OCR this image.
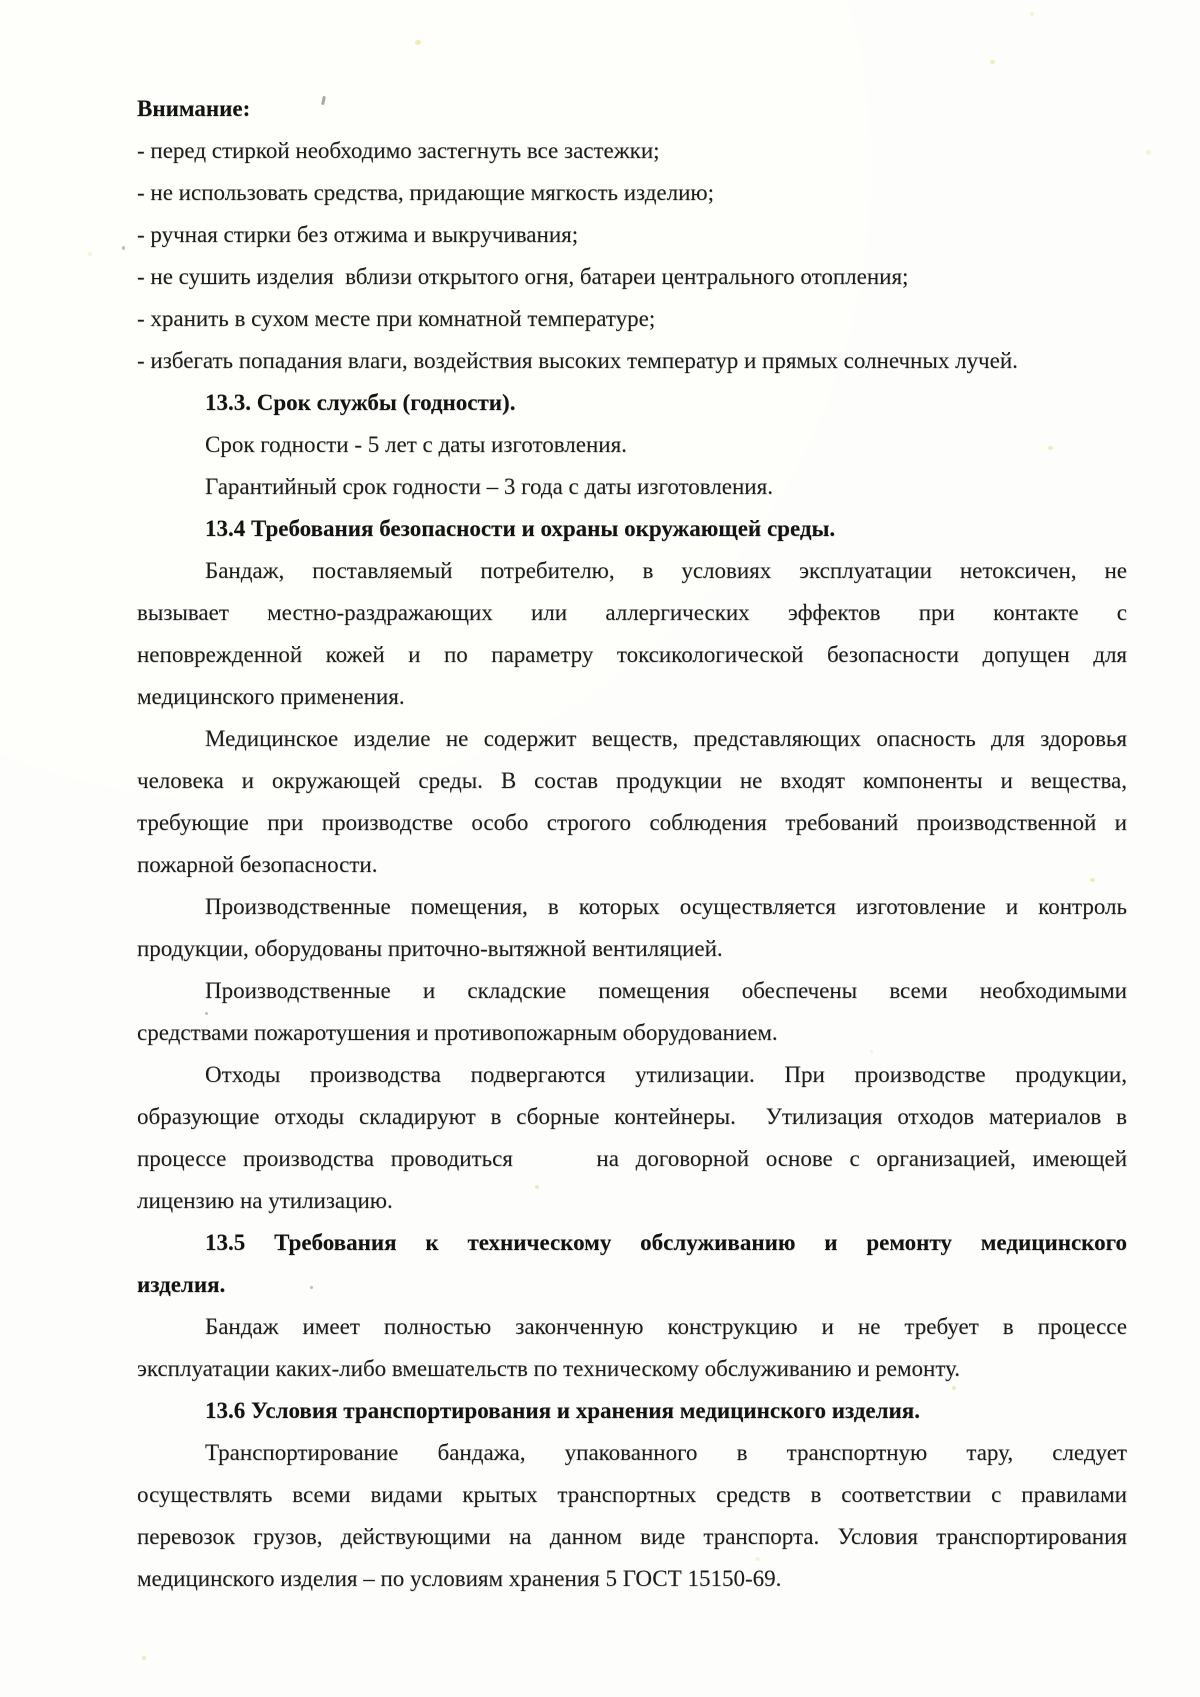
Внимание:
- перед стиркой необходимо застегнуть все застежки;
- не использовать средства, придающие мягкость изделию;
- ручная стирки без отжима и выкручивания;
- не сушить изделия  вблизи открытого огня, батареи центрального отопления;
- хранить в сухом месте при комнатной температуре;
- избегать попадания влаги, воздействия высоких температур и прямых солнечных лучей.
13.3. Срок службы (годности).
Срок годности - 5 лет с даты изготовления.
Гарантийный срок годности – 3 года с даты изготовления.
13.4 Требования безопасности и охраны окружающей среды.
Бандаж, поставляемый потребителю, в условиях эксплуатации нетоксичен, не
вызывает местно-раздражающих или аллергических эффектов при контакте с
неповрежденной кожей и по параметру токсикологической безопасности допущен для
медицинского применения.
Медицинское изделие не содержит веществ, представляющих опасность для здоровья
человека и окружающей среды. В состав продукции не входят компоненты и вещества,
требующие при производстве особо строгого соблюдения требований производственной и
пожарной безопасности.
Производственные помещения, в которых осуществляется изготовление и контроль
продукции, оборудованы приточно-вытяжной вентиляцией.
Производственные и складские помещения обеспечены всеми необходимыми
средствами пожаротушения и противопожарным оборудованием.
Отходы производства подвергаются утилизации. При производстве продукции,
образующие отходы складируют в сборные контейнеры.  Утилизация отходов материалов в
процессе производства проводиться     на договорной основе с организацией, имеющей
лицензию на утилизацию.
13.5 Требования к техническому обслуживанию и ремонту медицинского
изделия.
Бандаж имеет полностью законченную конструкцию и не требует в процессе
эксплуатации каких-либо вмешательств по техническому обслуживанию и ремонту.
13.6 Условия транспортирования и хранения медицинского изделия.
Транспортирование бандажа, упакованного в транспортную тару, следует
осуществлять всеми видами крытых транспортных средств в соответствии с правилами
перевозок грузов, действующими на данном виде транспорта. Условия транспортирования
медицинского изделия – по условиям хранения 5 ГОСТ 15150-69.
